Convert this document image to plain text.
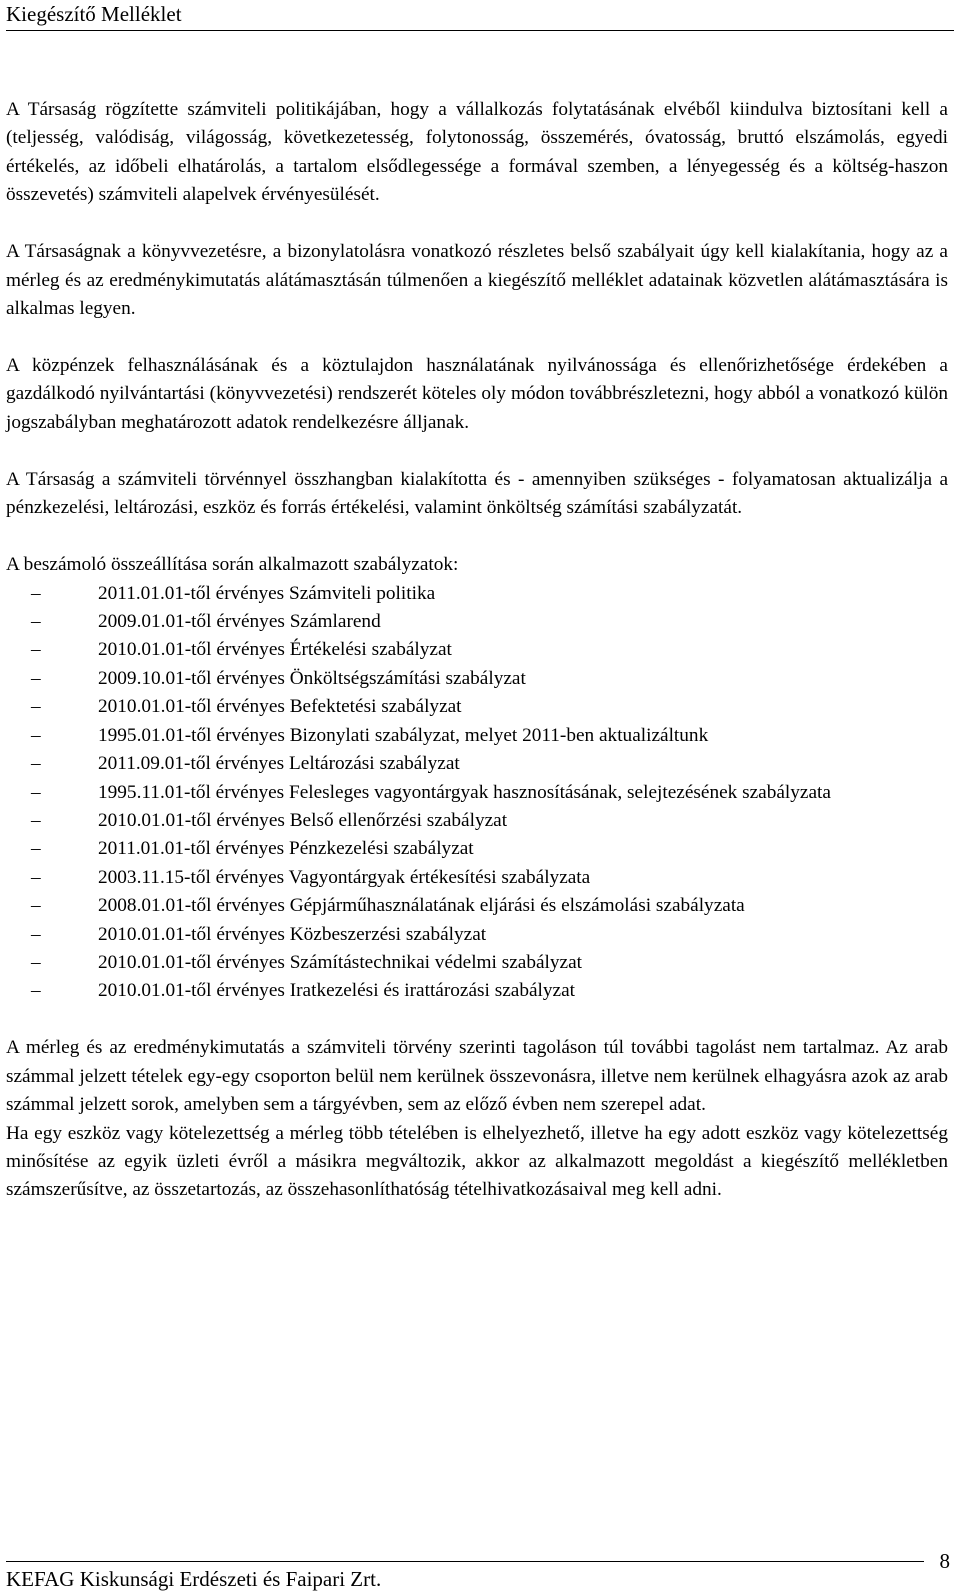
Kiegészítő Melléklet

A Társaság rögzítette számviteli politikájában, hogy a vállalkozás folytatásának elvéből kiindulva biztosítani kell a (teljesség, valódiság, világosság, következetesség, folytonosság, összemérés, óvatosság, bruttó elszámolás, egyedi értékelés, az időbeli elhatárolás, a tartalom elsődlegessége a formával szemben, a lényegesség és a költség-haszon összevetés) számviteli alapelvek érvényesülését.

A Társaságnak a könyvvezetésre, a bizonylatolásra vonatkozó részletes belső szabályait úgy kell kialakítania, hogy az a mérleg és az eredménykimutatás alátámasztásán túlmenően a kiegészítő melléklet adatainak közvetlen alátámasztására is alkalmas legyen.

A közpénzek felhasználásának és a köztulajdon használatának nyilvánossága és ellenőrizhetősége érdekében a gazdálkodó nyilvántartási (könyvvezetési) rendszerét köteles oly módon továbbrészletezni, hogy abból a vonatkozó külön jogszabályban meghatározott adatok rendelkezésre álljanak.

A Társaság a számviteli törvénnyel összhangban kialakította és - amennyiben szükséges - folyamatosan aktualizálja a pénzkezelési, leltározási, eszköz és forrás értékelési, valamint önköltség számítási szabályzatát.

A beszámoló összeállítása során alkalmazott szabályzatok:

–	2011.01.01-től érvényes Számviteli politika
–	2009.01.01-től érvényes Számlarend
–	2010.01.01-től érvényes Értékelési szabályzat
–	2009.10.01-től érvényes Önköltségszámítási szabályzat
–	2010.01.01-től érvényes Befektetési szabályzat
–	1995.01.01-től érvényes Bizonylati szabályzat, melyet 2011-ben aktualizáltunk
–	2011.09.01-től érvényes Leltározási szabályzat
–	1995.11.01-től érvényes Felesleges vagyontárgyak hasznosításának, selejtezésének szabályzata
–	2010.01.01-től érvényes Belső ellenőrzési szabályzat
–	2011.01.01-től érvényes Pénzkezelési szabályzat
–	2003.11.15-től érvényes Vagyontárgyak értékesítési szabályzata
–	2008.01.01-től érvényes Gépjárműhasználatának eljárási és elszámolási szabályzata
–	2010.01.01-től érvényes Közbeszerzési szabályzat
–	2010.01.01-től érvényes Számítástechnikai védelmi szabályzat
–	2010.01.01-től érvényes Iratkezelési és irattározási szabályzat

A mérleg és az eredménykimutatás a számviteli törvény szerinti tagoláson túl további tagolást nem tartalmaz. Az arab számmal jelzett tételek egy-egy csoporton belül nem kerülnek összevonásra, illetve nem kerülnek elhagyásra azok az arab számmal jelzett sorok, amelyben sem a tárgyévben, sem az előző évben nem szerepel adat.

Ha egy eszköz vagy kötelezettség a mérleg több tételében is elhelyezhető, illetve ha egy adott eszköz vagy kötelezettség minősítése az egyik üzleti évről a másikra megváltozik, akkor az alkalmazott megoldást a kiegészítő mellékletben számszerűsítve, az összetartozás, az összehasonlíthatóság tételhivatkozásaival meg kell adni.

KEFAG Kiskunsági Erdészeti és Faipari Zrt.
8
